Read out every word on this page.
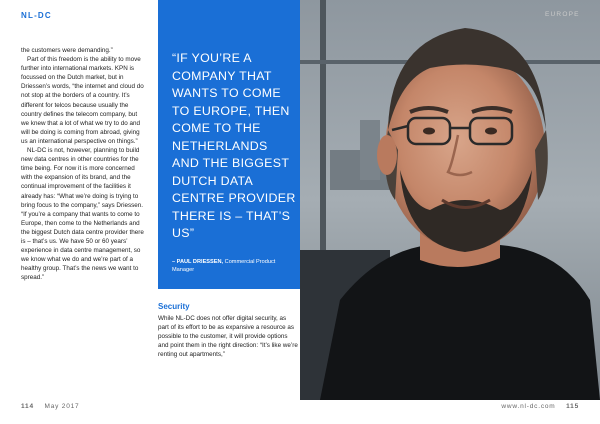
NL-DC

the customers were demanding.”

Part of this freedom is the ability to move further into international markets. KPN is focussed on the Dutch market, but in Driessen’s words, “the internet and cloud do not stop at the borders of a country. It’s different for telcos because usually the country defines the telecom company, but we knew that a lot of what we try to do and will be doing is coming from abroad, giving us an international perspective on things.”

NL-DC is not, however, planning to build new data centres in other countries for the time being. For now it is more concerned with the expansion of its brand, and the continual improvement of the facilities it already has: “What we’re doing is trying to bring focus to the company,” says Driessen. “If you’re a company that wants to come to Europe, then come to the Netherlands and the biggest Dutch data centre provider there is – that’s us. We have 50 or 60 years’ experience in data centre management, so we know what we do and we’re part of a healthy group. That’s the news we want to spread.”

114 May 2017
“IF YOU’RE A COMPANY THAT WANTS TO COME TO EUROPE, THEN COME TO THE NETHERLANDS AND THE BIGGEST DUTCH DATA CENTRE PROVIDER THERE IS – THAT’S US”
– PAUL DRIESSEN, Commercial Product Manager
Security

While NL-DC does not offer digital security, as part of its effort to be as expansive a resource as possible to the customer, it will provide options and point them in the right direction: “It’s like we’re renting out apartments,”

EUROPE
www.nl-dc.com 115
